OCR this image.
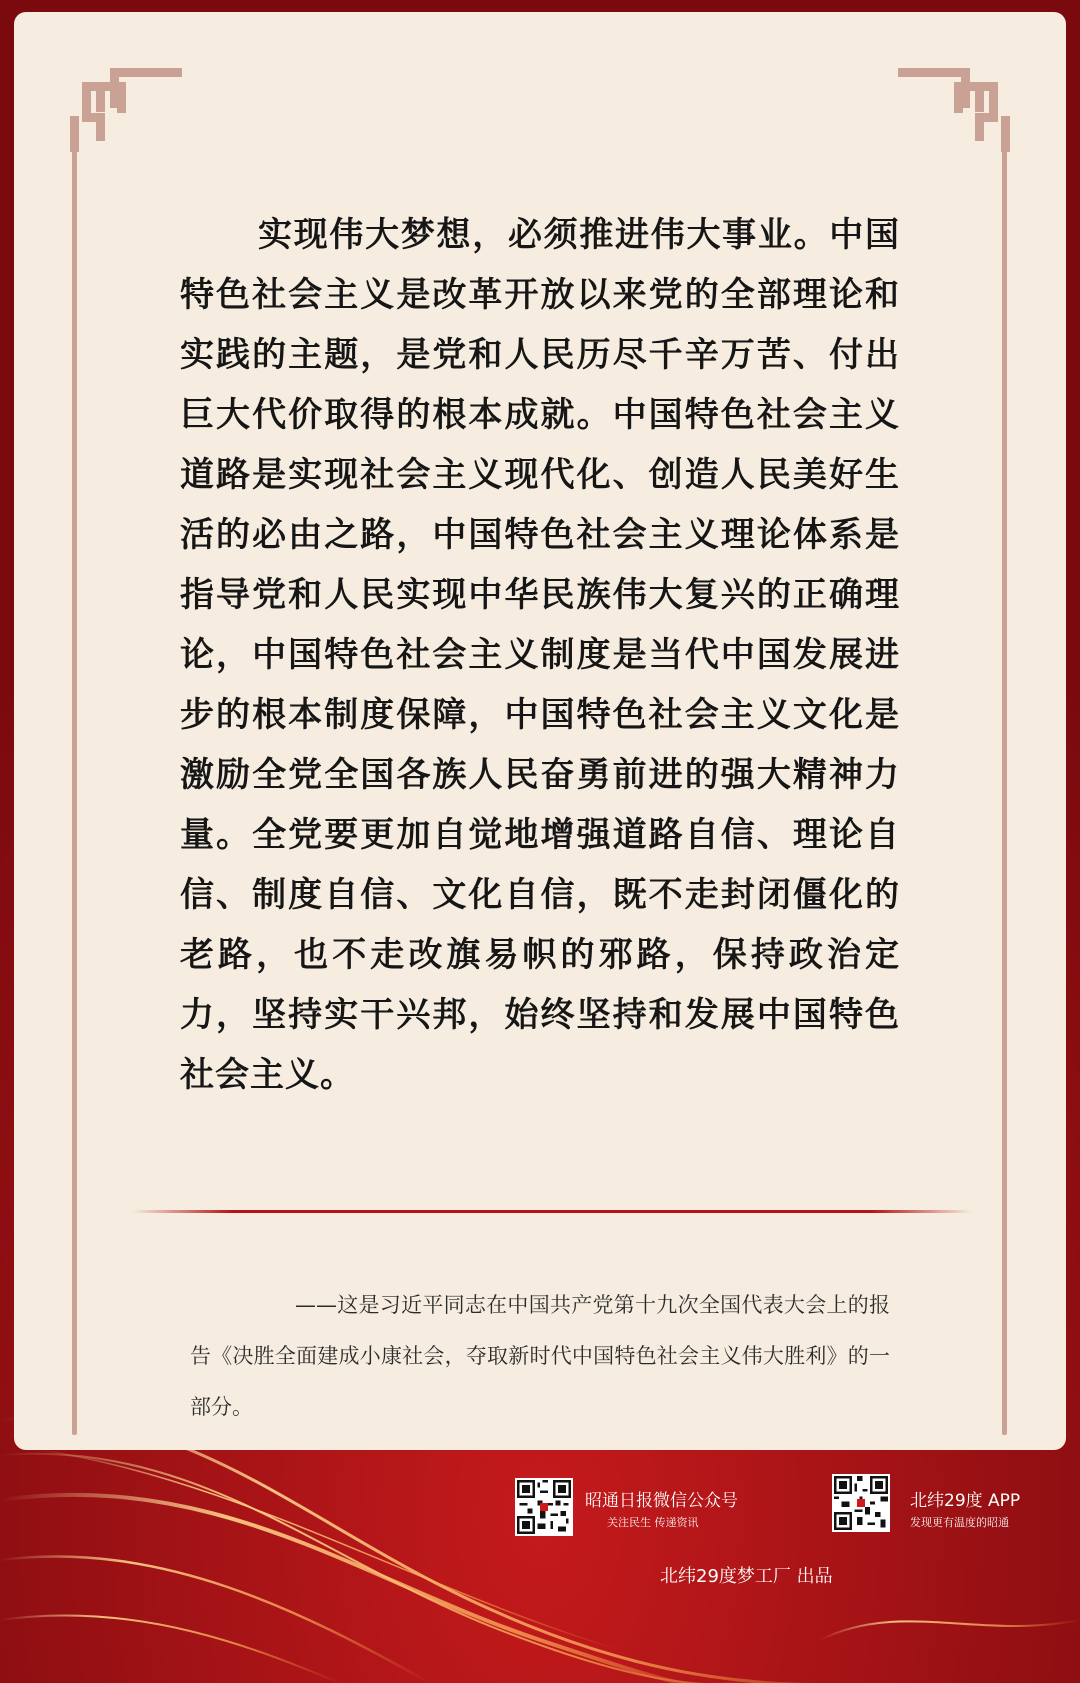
实现伟大梦想，必须推进伟大事业。中国特色社会主义是改革开放以来党的全部理论和实践的主题，是党和人民历尽千辛万苦、付出巨大代价取得的根本成就。中国特色社会主义道路是实现社会主义现代化、创造人民美好生活的必由之路，中国特色社会主义理论体系是指导党和人民实现中华民族伟大复兴的正确理论，中国特色社会主义制度是当代中国发展进步的根本制度保障，中国特色社会主义文化是激励全党全国各族人民奋勇前进的强大精神力量。全党要更加自觉地增强道路自信、理论自信、制度自信、文化自信，既不走封闭僵化的老路，也不走改旗易帜的邪路，保持政治定力，坚持实干兴邦，始终坚持和发展中国特色社会主义。

——这是习近平同志在中国共产党第十九次全国代表大会上的报告《决胜全面建成小康社会，夺取新时代中国特色社会主义伟大胜利》的一部分。

昭通日报微信公众号
关注民生 传递资讯
北纬29度 APP
发现更有温度的昭通
北纬29度梦工厂 出品
